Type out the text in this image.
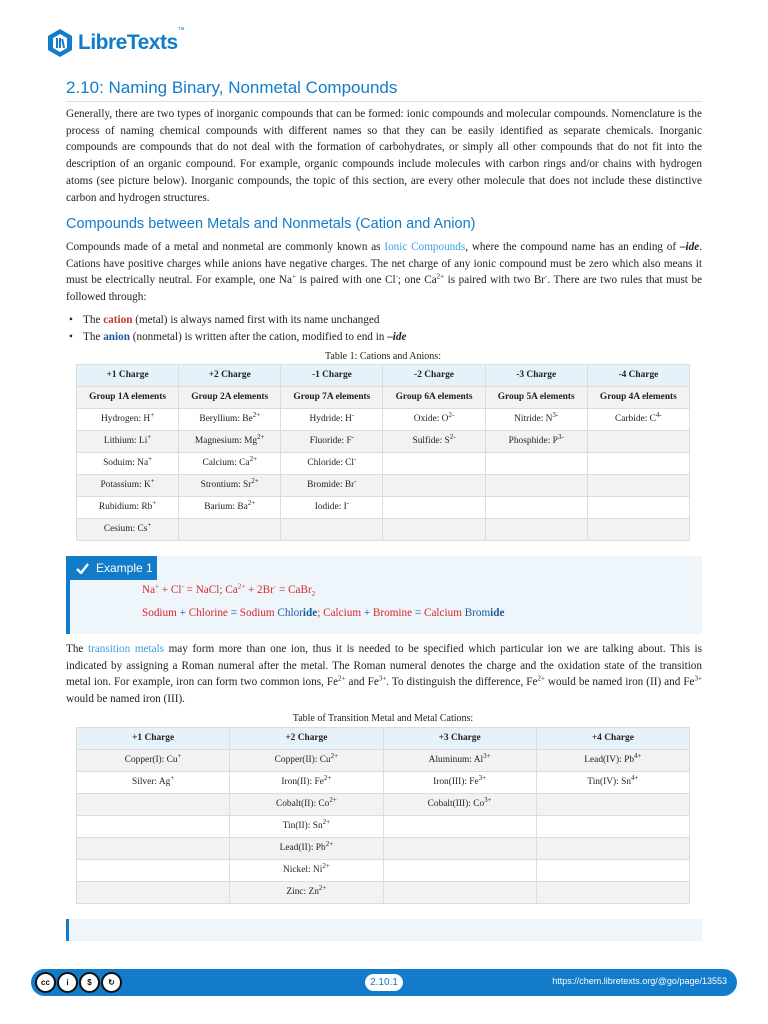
LibreTexts™
2.10: Naming Binary, Nonmetal Compounds
Generally, there are two types of inorganic compounds that can be formed: ionic compounds and molecular compounds. Nomenclature is the process of naming chemical compounds with different names so that they can be easily identified as separate chemicals. Inorganic compounds are compounds that do not deal with the formation of carbohydrates, or simply all other compounds that do not fit into the description of an organic compound. For example, organic compounds include molecules with carbon rings and/or chains with hydrogen atoms (see picture below). Inorganic compounds, the topic of this section, are every other molecule that does not include these distinctive carbon and hydrogen structures.
Compounds between Metals and Nonmetals (Cation and Anion)
Compounds made of a metal and nonmetal are commonly known as Ionic Compounds, where the compound name has an ending of –ide. Cations have positive charges while anions have negative charges. The net charge of any ionic compound must be zero which also means it must be electrically neutral. For example, one Na+ is paired with one Cl-; one $Ca^{2+}$ is paired with two Br-. There are two rules that must be followed through:
• The cation (metal) is always named first with its name unchanged
• The anion (nonmetal) is written after the cation, modified to end in –ide
Table 1: Cations and Anions:
+1 Charge	+2 Charge	-1 Charge	-2 Charge	-3 Charge	-4 Charge
Group 1A elements	Group 2A elements	Group 7A elements	Group 6A elements	Group 5A elements	Group 4A elements
Hydrogen: H+	Beryllium: $Be^{2+}$	Hydride: H-	Oxide: $O^{2-}$	Nitride: $N^{3-}$	Carbide: $C^{4-}$
Lithium: Li+	Magnesium: $Mg^{2+}$	Fluoride: F-	Sulfide: $S^{2-}$	Phosphide: $P^{3-}$	
Soduim: Na+	Calcium: $Ca^{2+}$	Chloride: Cl-			
Potassium: K+	Strontium: $Sr^{2+}$	Bromide: Br-			
Rubidium: Rb+	Barium: $Ba^{2+}$	Iodide: I-			
Cesium: Cs+					
Example 1
Na+ + Cl- = NaCl; $Ca^{2+} + 2Br^-$ = CaBr$_2$
Sodium + Chlorine = Sodium Chloride; Calcium + Bromine = Calcium Bromide
The transition metals may form more than one ion, thus it is needed to be specified which particular ion we are talking about. This is indicated by assigning a Roman numeral after the metal. The Roman numeral denotes the charge and the oxidation state of the transition metal ion. For example, iron can form two common ions, $Fe^{2+}$ and $Fe^{3+}$. To distinguish the difference, $Fe^{2+}$ would be named iron (II) and $Fe^{3+}$ would be named iron (III).
Table of Transition Metal and Metal Cations:
+1 Charge	+2 Charge	+3 Charge	+4 Charge
Copper(I): Cu+	Copper(II): $Cu^{2+}$	Aluminum: $Al^{3+}$	Lead(IV): $Pb^{4+}$
Silver: Ag+	Iron(II): $Fe^{2+}$	Iron(III): $Fe^{3+}$	Tin(IV): $Sn^{4+}$
	Cobalt(II): $Co^{2+}$	Cobalt(III): $Co^{3+}$	
	Tin(II): $Sn^{2+}$		
	Lead(II): $Pb^{2+}$		
	Nickel: $Ni^{2+}$		
	Zinc: $Zn^{2+}$		
cc	i	$	↻	2.10.1	https://chem.libretexts.org/@go/page/13553
